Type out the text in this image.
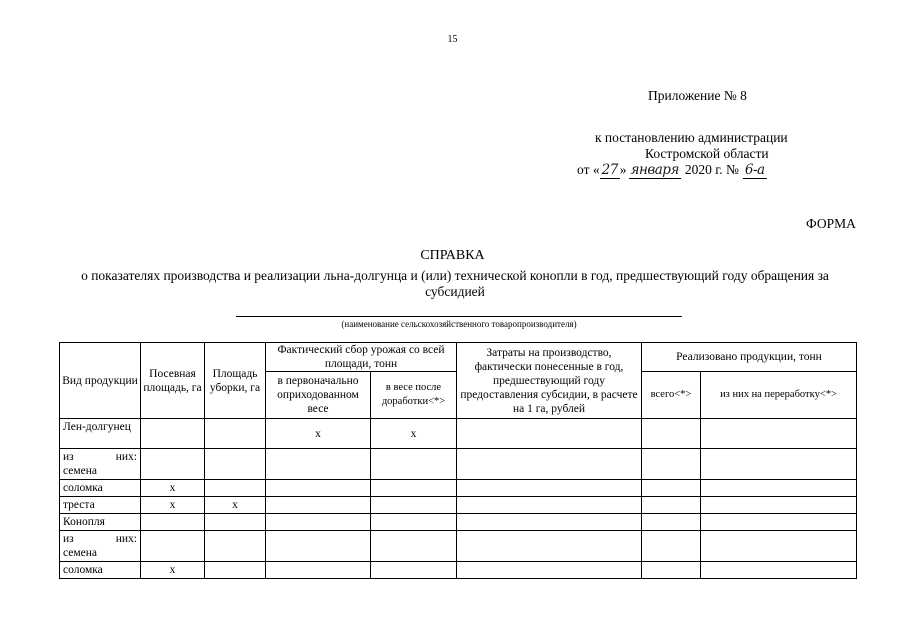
15
Приложение № 8
к постановлению администрации
Костромской области
от « 27 » января 2020 г. № 6-а
ФОРМА
СПРАВКА
о показателях производства и реализации льна-долгунца и (или) технической конопли в год, предшествующий году обращения за субсидией
(наименование сельскохозяйственного товаропроизводителя)
Вид продукции	Посевная площадь, га	Площадь уборки, га	Фактический сбор урожая со всей площади, тонн		Затраты на производство, фактически понесенные в год, предшествующий году предоставления субсидии, в расчете на 1 га, рублей	Реализовано продукции, тонн	
			в первоначально оприходованном весе	в весе после доработки<*>		всего<*>	из них на переработку<*>
Лен-долгунец			x	x			

из них:
семена							

соломка	x						
треста	x	x					
Конопля							

из них:
семена							

соломка	x						
